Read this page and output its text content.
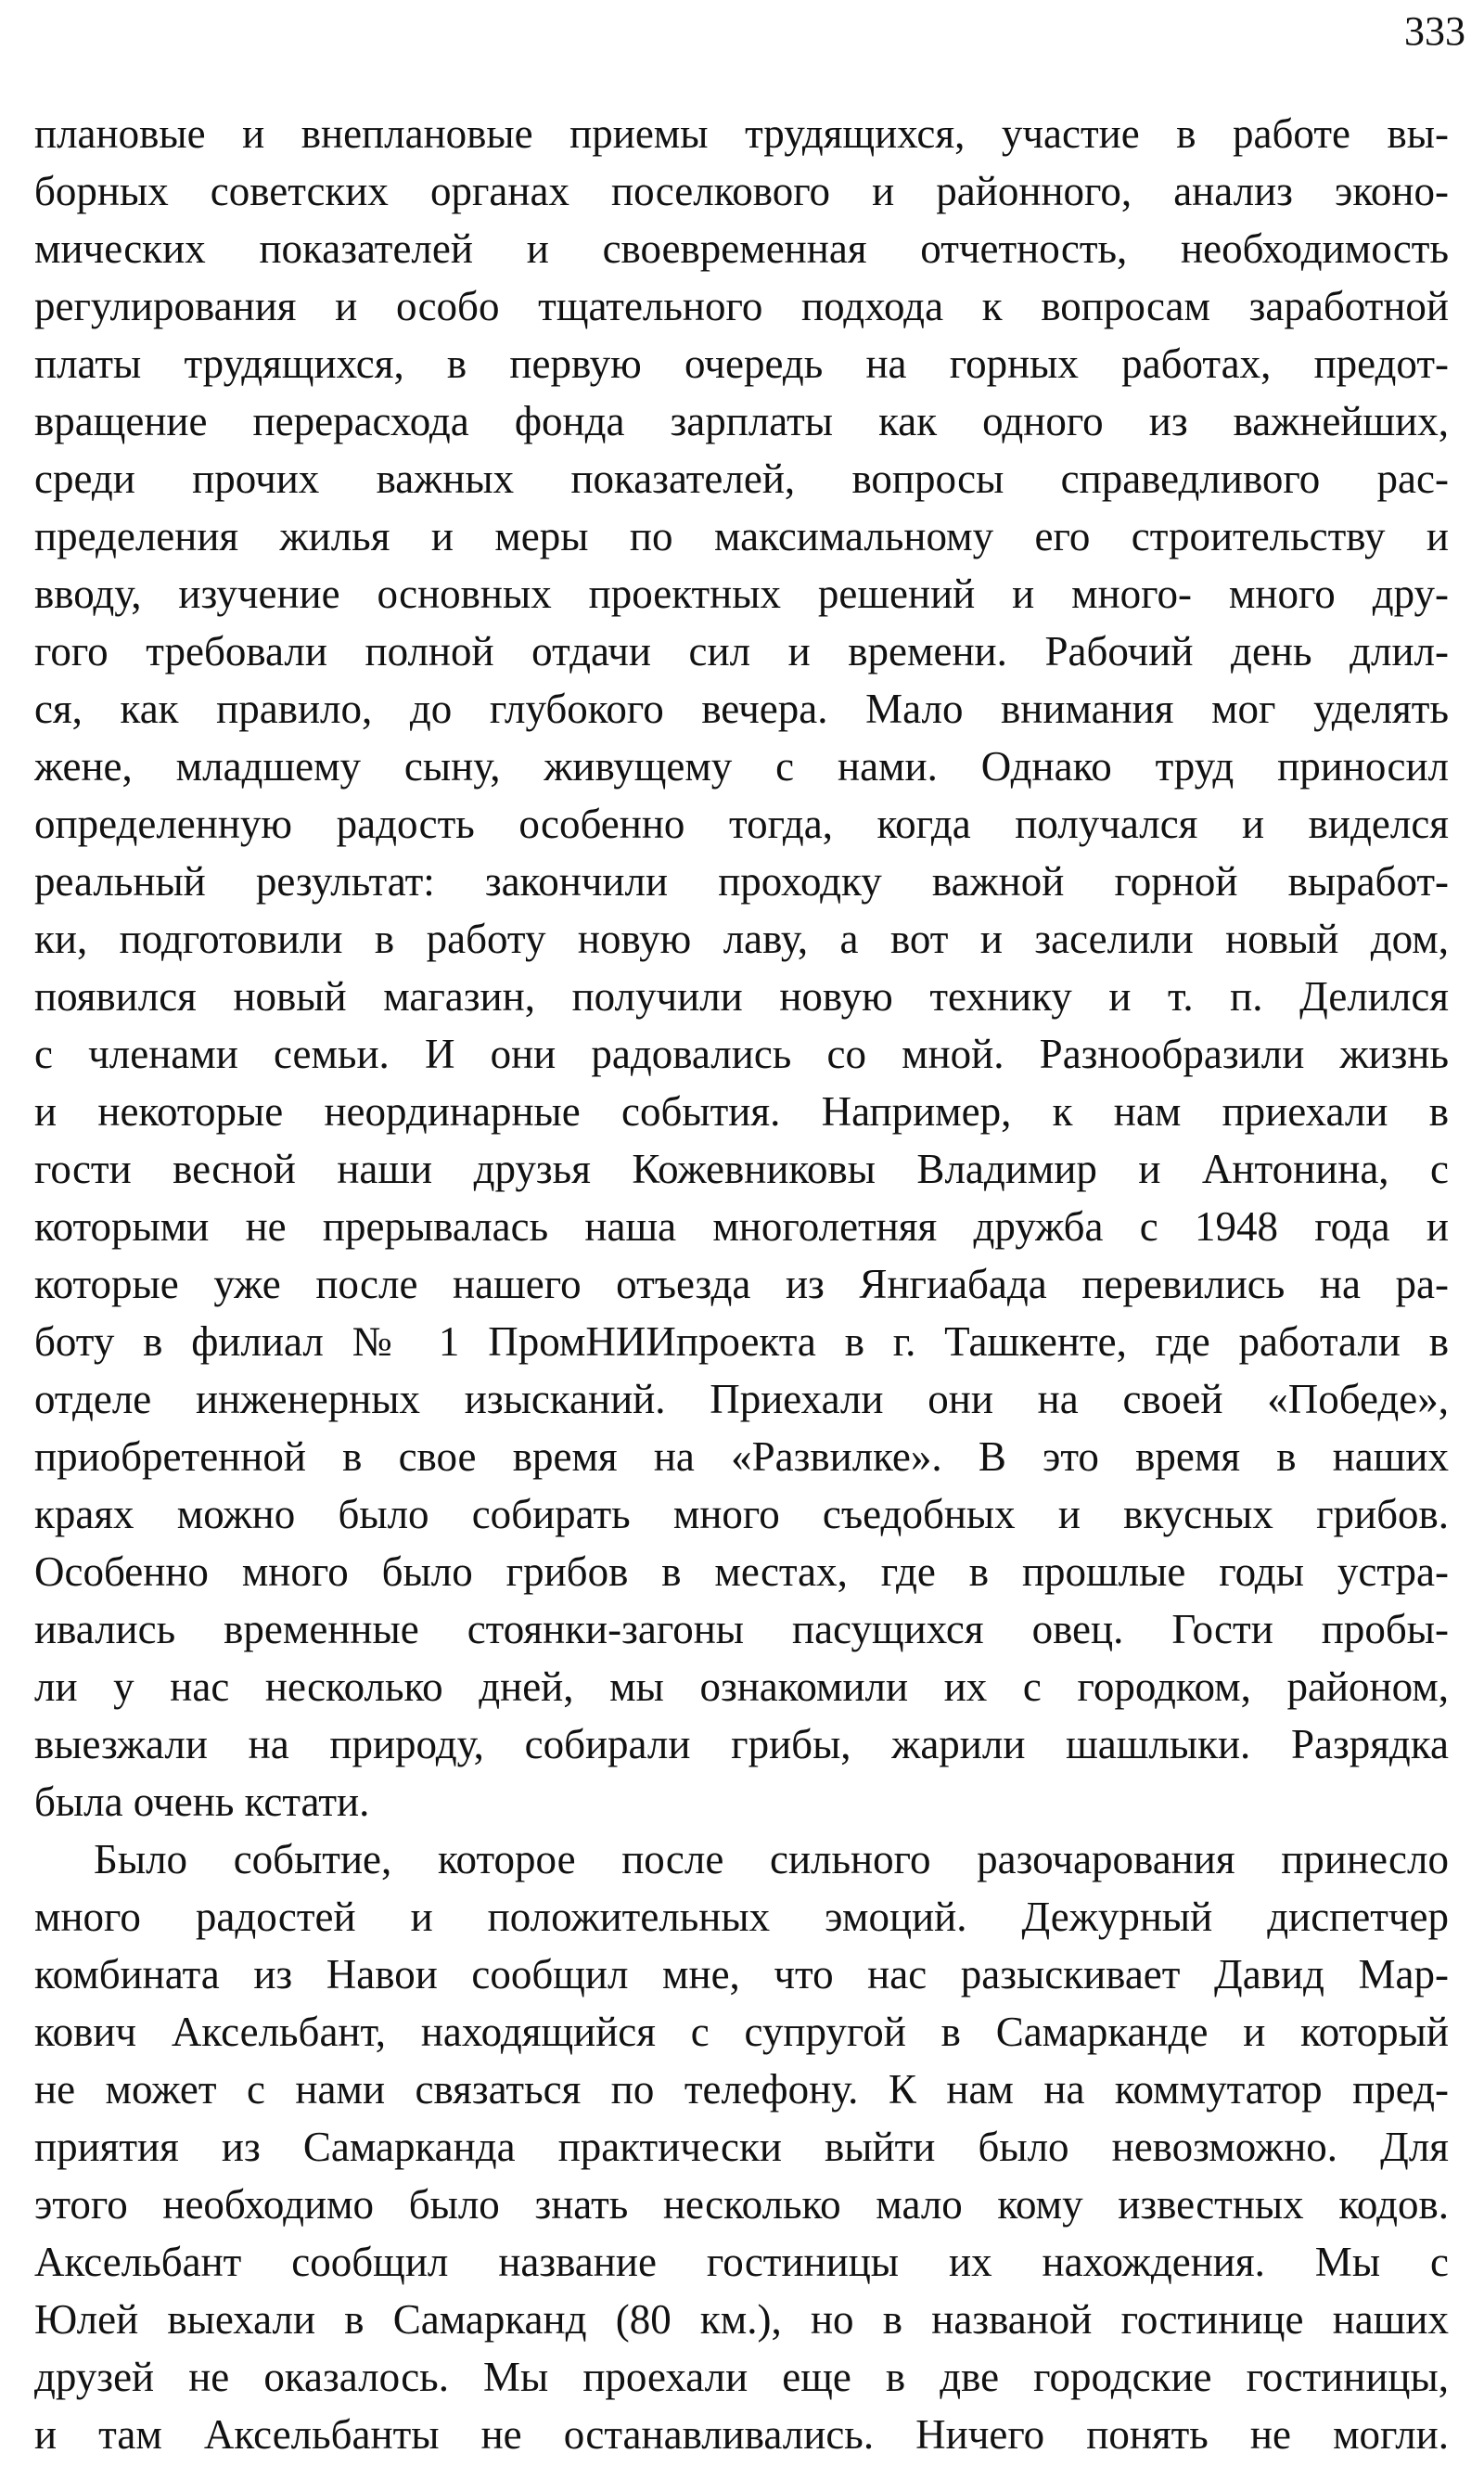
333
плановые и внеплановые приемы трудящихся, участие в работе вы-
борных советских органах поселкового и районного, анализ эконо-
мических показателей и своевременная отчетность, необходимость
регулирования и особо тщательного подхода к вопросам заработной
платы трудящихся, в первую очередь на горных работах, предот-
вращение перерасхода фонда зарплаты как одного из важнейших,
среди прочих важных показателей, вопросы справедливого рас-
пределения жилья и меры по максимальному его строительству и
вводу, изучение основных проектных решений и много- много дру-
гого требовали полной отдачи сил и времени. Рабочий день длил-
ся, как правило, до глубокого вечера. Мало внимания мог уделять
жене, младшему сыну, живущему с нами. Однако труд приносил
определенную радость особенно тогда, когда получался и виделся
реальный результат: закончили проходку важной горной выработ-
ки, подготовили в работу новую лаву, а вот и заселили новый дом,
появился новый магазин, получили новую технику и т. п. Делился
с членами семьи. И они радовались со мной. Разнообразили жизнь
и некоторые неординарные события. Например, к нам приехали в
гости весной наши друзья Кожевниковы Владимир и Антонина, с
которыми не прерывалась наша многолетняя дружба с 1948 года и
которые уже после нашего отъезда из Янгиабада перевились на ра-
боту в филиал № 1 ПромНИИпроекта в г. Ташкенте, где работали в
отделе инженерных изысканий. Приехали они на своей «Победе»,
приобретенной в свое время на «Развилке». В это время в наших
краях можно было собирать много съедобных и вкусных грибов.
Особенно много было грибов в местах, где в прошлые годы устра-
ивались временные стоянки-загоны пасущихся овец. Гости пробы-
ли у нас несколько дней, мы ознакомили их с городком, районом,
выезжали на природу, собирали грибы, жарили шашлыки. Разрядка
была очень кстати.
Было событие, которое после сильного разочарования принесло
много радостей и положительных эмоций. Дежурный диспетчер
комбината из Навои сообщил мне, что нас разыскивает Давид Мар-
кович Аксельбант, находящийся с супругой в Самарканде и который
не может с нами связаться по телефону. К нам на коммутатор пред-
приятия из Самарканда практически выйти было невозможно. Для
этого необходимо было знать несколько мало кому известных кодов.
Аксельбант сообщил название гостиницы их нахождения. Мы с
Юлей выехали в Самарканд (80 км.), но в названой гостинице наших
друзей не оказалось. Мы проехали еще в две городские гостиницы,
и там Аксельбанты не останавливались. Ничего понять не могли.
